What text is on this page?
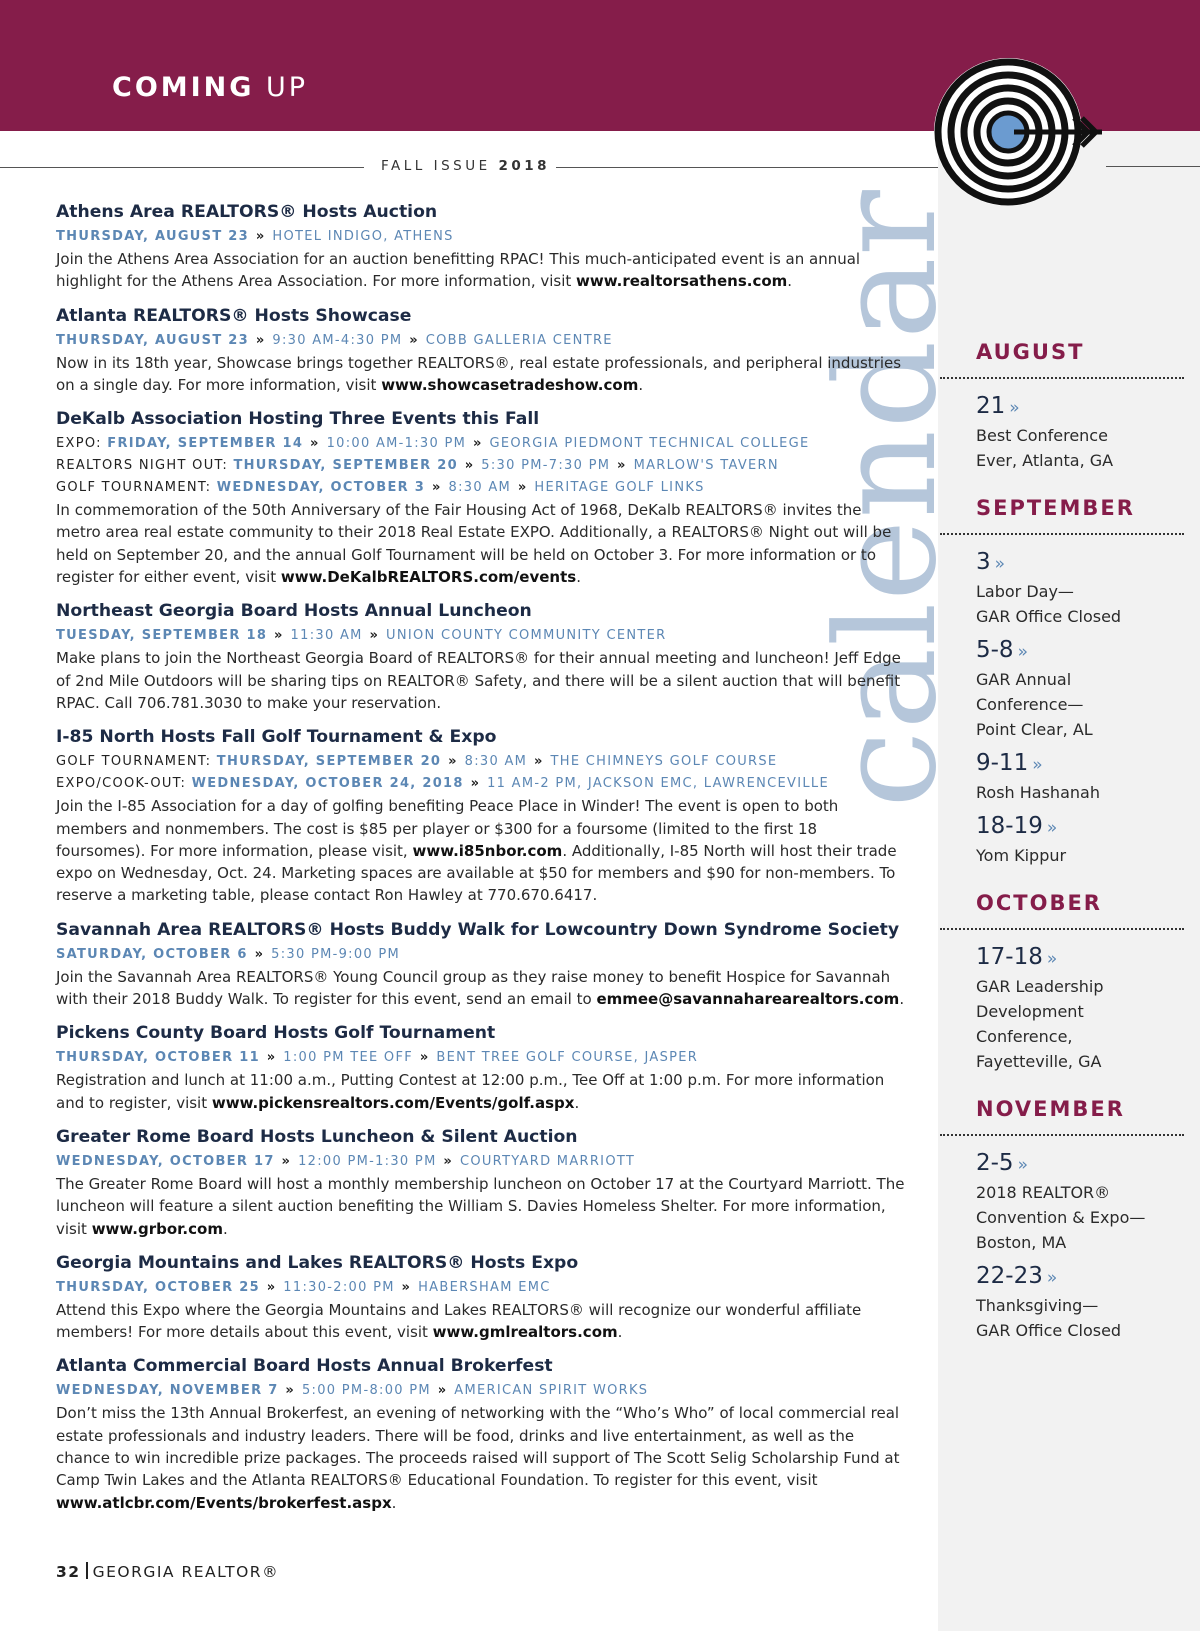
COMING UP
FALL ISSUE 2018
calendar
Athens Area REALTORS® Hosts Auction
THURSDAY, AUGUST 23 » HOTEL INDIGO, ATHENS
Join the Athens Area Association for an auction benefitting RPAC! This much-anticipated event is an annual highlight for the Athens Area Association. For more information, visit www.realtorsathens.com.
Atlanta REALTORS® Hosts Showcase
THURSDAY, AUGUST 23 » 9:30 AM-4:30 PM » COBB GALLERIA CENTRE
Now in its 18th year, Showcase brings together REALTORS®, real estate professionals, and peripheral industries on a single day. For more information, visit www.showcasetradeshow.com.
DeKalb Association Hosting Three Events this Fall
EXPO: FRIDAY, SEPTEMBER 14 » 10:00 AM-1:30 PM » GEORGIA PIEDMONT TECHNICAL COLLEGE
REALTORS NIGHT OUT: THURSDAY, SEPTEMBER 20 » 5:30 PM-7:30 PM » MARLOW'S TAVERN
GOLF TOURNAMENT: WEDNESDAY, OCTOBER 3 » 8:30 AM » HERITAGE GOLF LINKS
In commemoration of the 50th Anniversary of the Fair Housing Act of 1968, DeKalb REALTORS® invites the metro area real estate community to their 2018 Real Estate EXPO. Additionally, a REALTORS® Night out will be held on September 20, and the annual Golf Tournament will be held on October 3. For more information or to register for either event, visit www.DeKalbREALTORS.com/events.
Northeast Georgia Board Hosts Annual Luncheon
TUESDAY, SEPTEMBER 18 » 11:30 AM » UNION COUNTY COMMUNITY CENTER
Make plans to join the Northeast Georgia Board of REALTORS® for their annual meeting and luncheon! Jeff Edge of 2nd Mile Outdoors will be sharing tips on REALTOR® Safety, and there will be a silent auction that will benefit RPAC. Call 706.781.3030 to make your reservation.
I-85 North Hosts Fall Golf Tournament & Expo
GOLF TOURNAMENT: THURSDAY, SEPTEMBER 20 » 8:30 AM » THE CHIMNEYS GOLF COURSE
EXPO/COOK-OUT: WEDNESDAY, OCTOBER 24, 2018 » 11 AM-2 PM, JACKSON EMC, LAWRENCEVILLE
Join the I-85 Association for a day of golfing benefiting Peace Place in Winder! The event is open to both members and nonmembers. The cost is $85 per player or $300 for a foursome (limited to the first 18 foursomes). For more information, please visit, www.i85nbor.com. Additionally, I-85 North will host their trade expo on Wednesday, Oct. 24. Marketing spaces are available at $50 for members and $90 for non-members. To reserve a marketing table, please contact Ron Hawley at 770.670.6417.
Savannah Area REALTORS® Hosts Buddy Walk for Lowcountry Down Syndrome Society
SATURDAY, OCTOBER 6 » 5:30 PM-9:00 PM
Join the Savannah Area REALTORS® Young Council group as they raise money to benefit Hospice for Savannah with their 2018 Buddy Walk. To register for this event, send an email to emmee@savannaharearealtors.com.
Pickens County Board Hosts Golf Tournament
THURSDAY, OCTOBER 11 » 1:00 PM TEE OFF » BENT TREE GOLF COURSE, JASPER
Registration and lunch at 11:00 a.m., Putting Contest at 12:00 p.m., Tee Off at 1:00 p.m. For more information and to register, visit www.pickensrealtors.com/Events/golf.aspx.
Greater Rome Board Hosts Luncheon & Silent Auction
WEDNESDAY, OCTOBER 17 » 12:00 PM-1:30 PM » COURTYARD MARRIOTT
The Greater Rome Board will host a monthly membership luncheon on October 17 at the Courtyard Marriott. The luncheon will feature a silent auction benefiting the William S. Davies Homeless Shelter. For more information, visit www.grbor.com.
Georgia Mountains and Lakes REALTORS® Hosts Expo
THURSDAY, OCTOBER 25 » 11:30-2:00 PM » HABERSHAM EMC
Attend this Expo where the Georgia Mountains and Lakes REALTORS® will recognize our wonderful affiliate members! For more details about this event, visit www.gmlrealtors.com.
Atlanta Commercial Board Hosts Annual Brokerfest
WEDNESDAY, NOVEMBER 7 » 5:00 PM-8:00 PM » AMERICAN SPIRIT WORKS
Don’t miss the 13th Annual Brokerfest, an evening of networking with the “Who’s Who” of local commercial real estate professionals and industry leaders. There will be food, drinks and live entertainment, as well as the chance to win incredible prize packages. The proceeds raised will support of The Scott Selig Scholarship Fund at Camp Twin Lakes and the Atlanta REALTORS® Educational Foundation. To register for this event, visit www.atlcbr.com/Events/brokerfest.aspx.
AUGUST
21 »
Best Conference
Ever, Atlanta, GA
SEPTEMBER
3 »
Labor Day—
GAR Office Closed
5-8 »
GAR Annual
Conference—
Point Clear, AL
9-11 »
Rosh Hashanah
18-19 »
Yom Kippur
OCTOBER
17-18 »
GAR Leadership
Development
Conference,
Fayetteville, GA
NOVEMBER
2-5 »
2018 REALTOR®
Convention & Expo—
Boston, MA
22-23 »
Thanksgiving—
GAR Office Closed
32 GEORGIA REALTOR®
